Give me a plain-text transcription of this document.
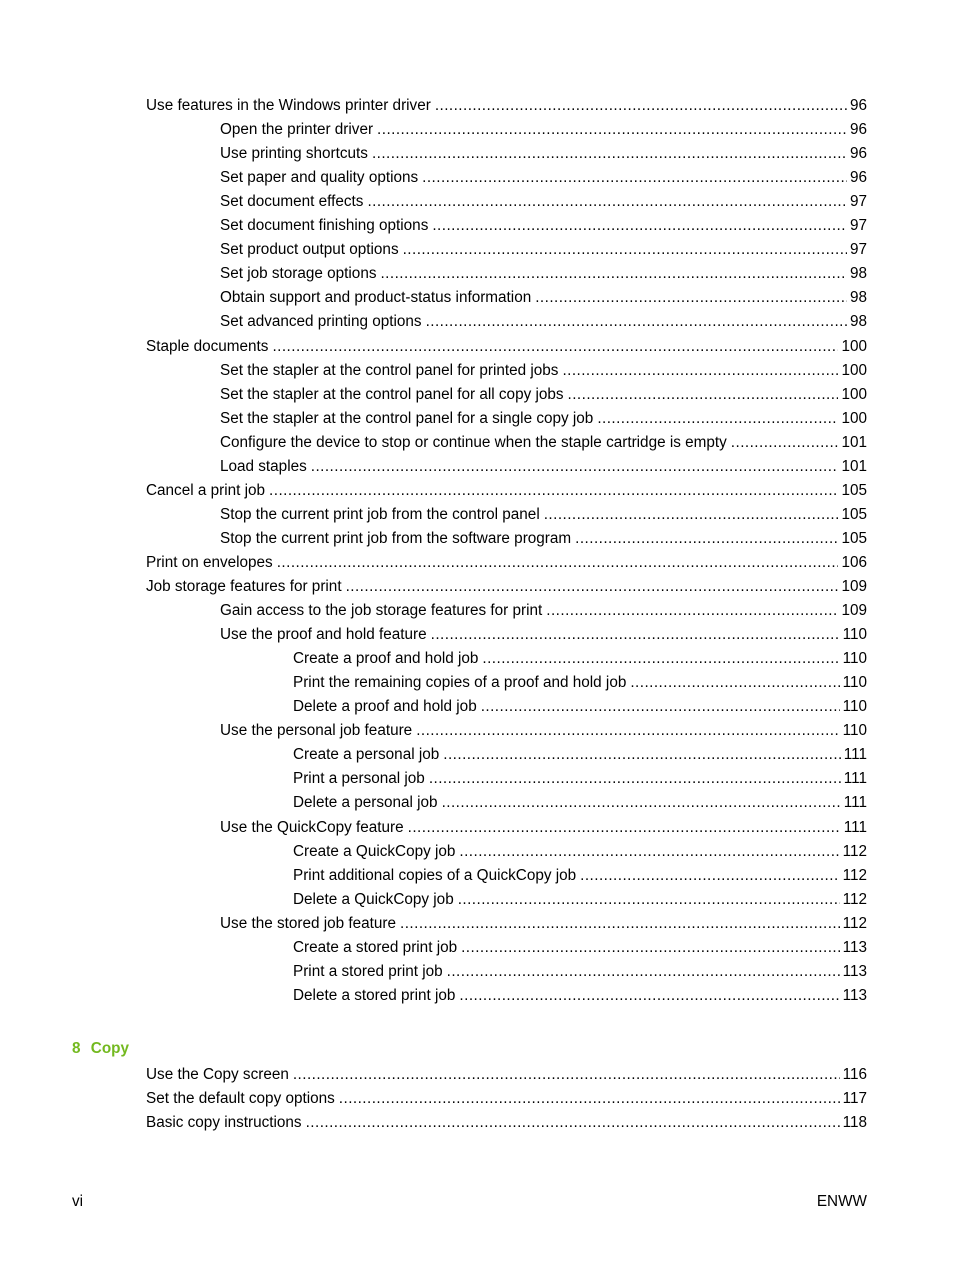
Use features in the Windows printer driver . . .	96
Open the printer driver . . .	96
Use printing shortcuts . . .	96
Set paper and quality options . . .	96
Set document effects . . .	97
Set document finishing options . . .	97
Set product output options . . .	97
Set job storage options . . .	98
Obtain support and product-status information . . .	98
Set advanced printing options . . .	98
Staple documents . . .	100
Set the stapler at the control panel for printed jobs . . .	100
Set the stapler at the control panel for all copy jobs . . .	100
Set the stapler at the control panel for a single copy job . . .	100
Configure the device to stop or continue when the staple cartridge is empty . . .	101
Load staples . . .	101
Cancel a print job . . .	105
Stop the current print job from the control panel . . .	105
Stop the current print job from the software program . . .	105
Print on envelopes . . .	106
Job storage features for print . . .	109
Gain access to the job storage features for print . . .	109
Use the proof and hold feature . . .	110
Create a proof and hold job . . .	110
Print the remaining copies of a proof and hold job . . .	110
Delete a proof and hold job . . .	110
Use the personal job feature . . .	110
Create a personal job . . .	111
Print a personal job . . .	111
Delete a personal job . . .	111
Use the QuickCopy feature . . .	111
Create a QuickCopy job . . .	112
Print additional copies of a QuickCopy job . . .	112
Delete a QuickCopy job . . .	112
Use the stored job feature . . .	112
Create a stored print job . . .	113
Print a stored print job . . .	113
Delete a stored print job . . .	113
8 Copy
Use the Copy screen . . .	116
Set the default copy options . . .	117
Basic copy instructions . . .	118
vi	ENWW
